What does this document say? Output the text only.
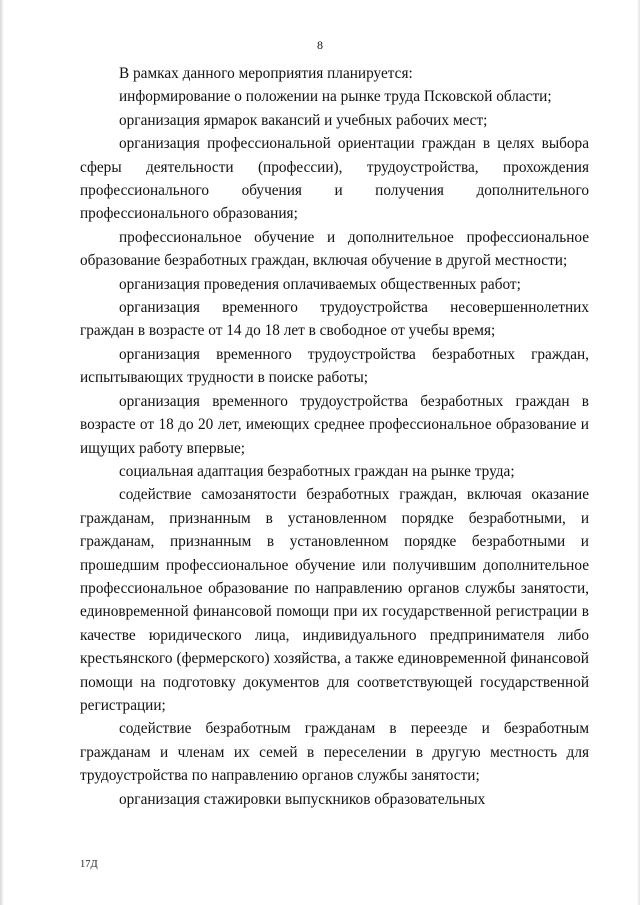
8

В рамках данного мероприятия планируется:

информирование о положении на рынке труда Псковской области;

организация ярмарок вакансий и учебных рабочих мест;

организация профессиональной ориентации граждан в целях выбора сферы деятельности (профессии), трудоустройства, прохождения профессионального обучения и получения дополнительного профессионального образования;

профессиональное обучение и дополнительное профессиональное образование безработных граждан, включая обучение в другой местности;

организация проведения оплачиваемых общественных работ;

организация временного трудоустройства несовершеннолетних граждан в возрасте от 14 до 18 лет в свободное от учебы время;

организация временного трудоустройства безработных граждан, испытывающих трудности в поиске работы;

организация временного трудоустройства безработных граждан в возрасте от 18 до 20 лет, имеющих среднее профессиональное образование и ищущих работу впервые;

социальная адаптация безработных граждан на рынке труда;

содействие самозанятости безработных граждан, включая оказание гражданам, признанным в установленном порядке безработными, и гражданам, признанным в установленном порядке безработными и прошедшим профессиональное обучение или получившим дополнительное профессиональное образование по направлению органов службы занятости, единовременной финансовой помощи при их государственной регистрации в качестве юридического лица, индивидуального предпринимателя либо крестьянского (фермерского) хозяйства, а также единовременной финансовой помощи на подготовку документов для соответствующей государственной регистрации;

содействие безработным гражданам в переезде и безработным гражданам и членам их семей в переселении в другую местность для трудоустройства по направлению органов службы занятости;

организация стажировки выпускников образовательных

17Д
